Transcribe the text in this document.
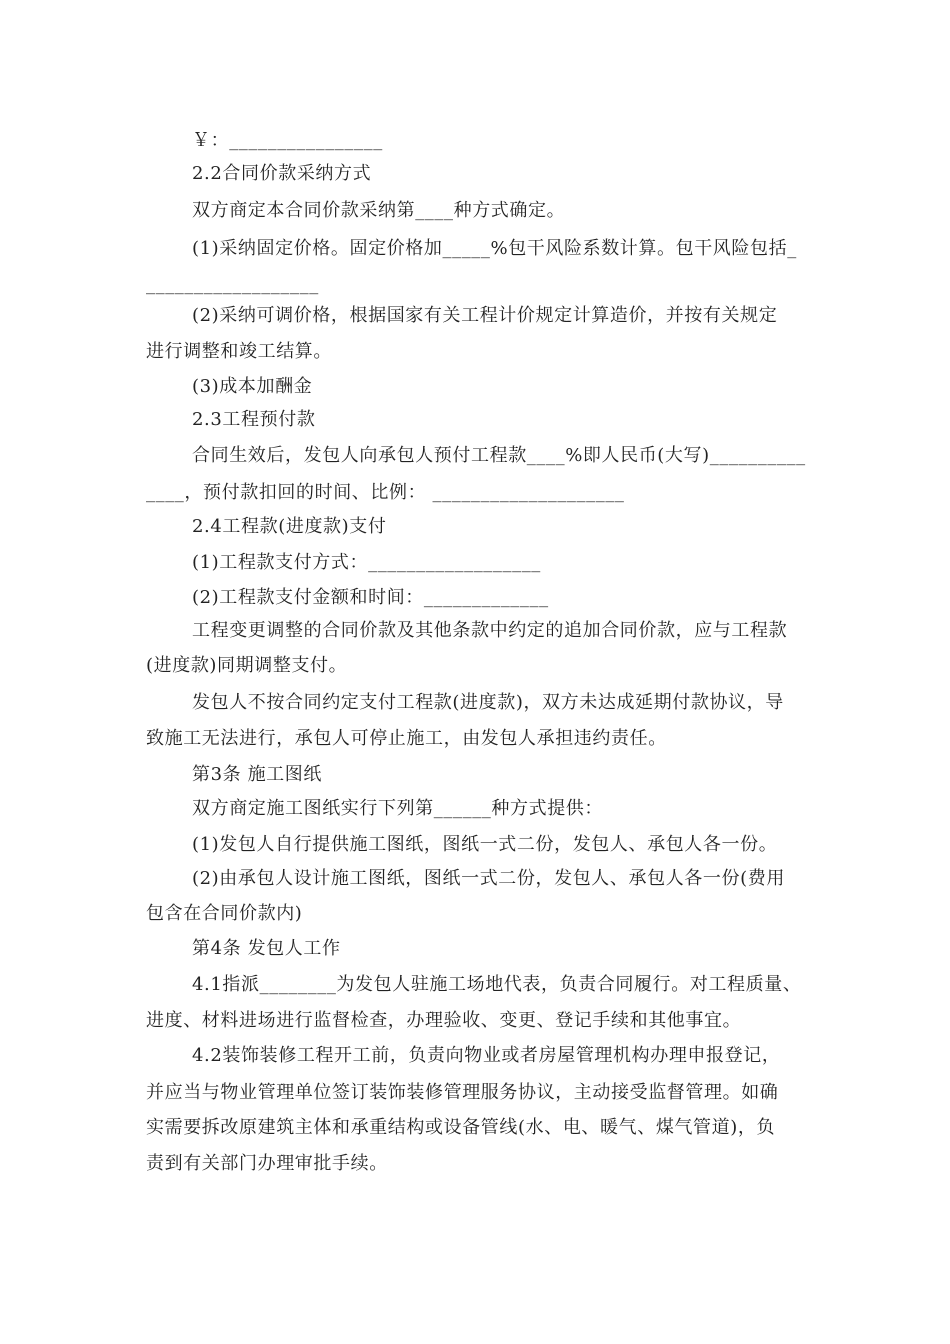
￥：________________
2.2合同价款采纳方式
双方商定本合同价款采纳第____种方式确定。
(1)采纳固定价格。固定价格加_____%包干风险系数计算。包干风险包括_
__________________
(2)采纳可调价格，根据国家有关工程计价规定计算造价，并按有关规定
进行调整和竣工结算。
(3)成本加酬金
2.3工程预付款
合同生效后，发包人向承包人预付工程款____%即人民币(大写)__________
____，预付款扣回的时间、比例： ____________________
2.4工程款(进度款)支付
(1)工程款支付方式：__________________
(2)工程款支付金额和时间：_____________
工程变更调整的合同价款及其他条款中约定的追加合同价款，应与工程款
(进度款)同期调整支付。
发包人不按合同约定支付工程款(进度款)，双方未达成延期付款协议，导
致施工无法进行，承包人可停止施工，由发包人承担违约责任。
第3条 施工图纸
双方商定施工图纸实行下列第______种方式提供：
(1)发包人自行提供施工图纸，图纸一式二份，发包人、承包人各一份。
(2)由承包人设计施工图纸，图纸一式二份，发包人、承包人各一份(费用
包含在合同价款内)
第4条 发包人工作
4.1指派________为发包人驻施工场地代表，负责合同履行。对工程质量、
进度、材料进场进行监督检查，办理验收、变更、登记手续和其他事宜。
4.2装饰装修工程开工前，负责向物业或者房屋管理机构办理申报登记，
并应当与物业管理单位签订装饰装修管理服务协议，主动接受监督管理。如确
实需要拆改原建筑主体和承重结构或设备管线(水、电、暖气、煤气管道)，负
责到有关部门办理审批手续。
